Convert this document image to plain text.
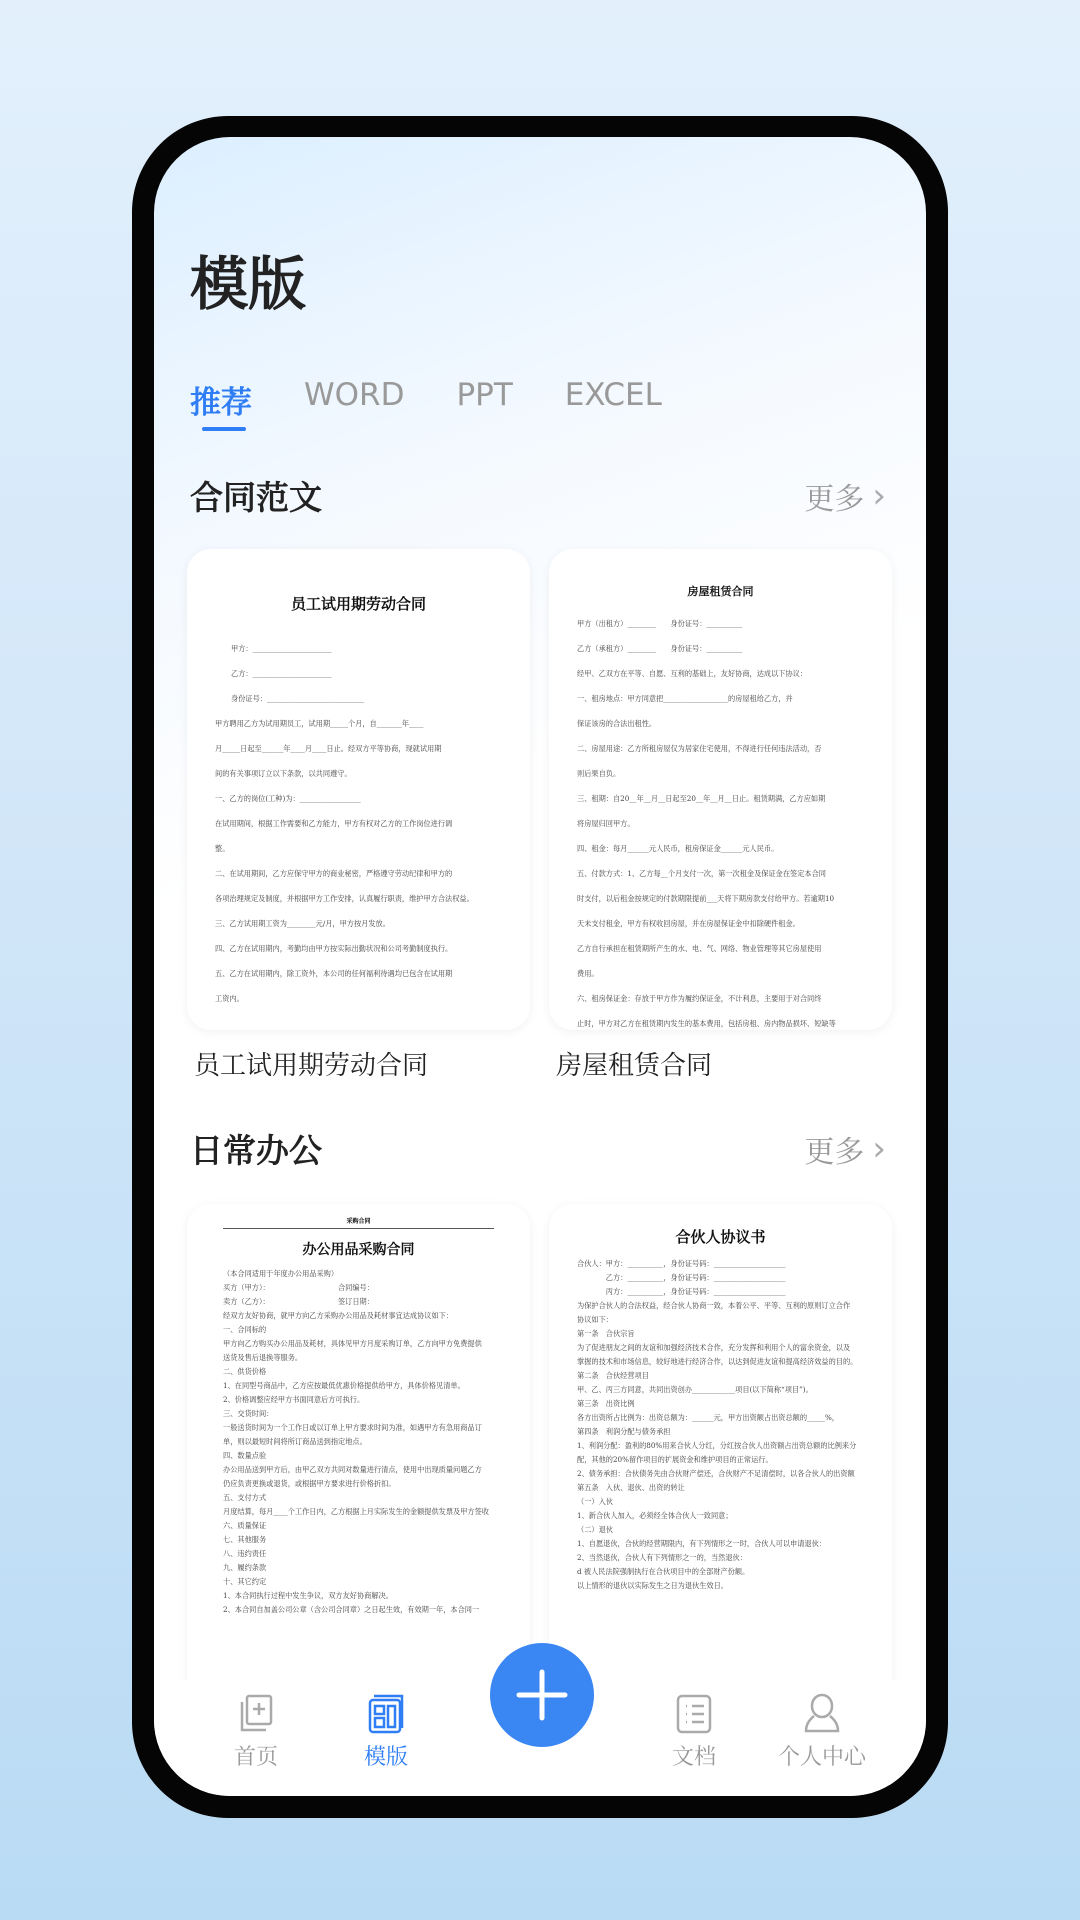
模版
推荐 WORD PPT EXCEL
合同范文	更多 ›
员工试用期劳动合同
甲方：______________________
乙方：______________________
身份证号：___________________________
甲方聘用乙方为试用期员工，试用期_____个月，自_______年____
月_____日起至______年____月____日止。经双方平等协商，现就试用期
间的有关事项订立以下条款，以共同遵守。
一、乙方的岗位(工种)为：_________________
在试用期间，根据工作需要和乙方能力，甲方有权对乙方的工作岗位进行调
整。
二、在试用期间，乙方应保守甲方的商业秘密，严格遵守劳动纪律和甲方的
各项治理规定及制度，并根据甲方工作安排，认真履行职责，维护甲方合法权益。
三、乙方试用期工资为________元/月，甲方按月发放。
四、乙方在试用期内，考勤均由甲方按实际出勤状况和公司考勤制度执行。
五、乙方在试用期内，除工资外，本公司的任何福利待遇均已包含在试用期
工资内。
房屋租赁合同
甲方（出租方）________　　身份证号：__________
乙方（承租方）________　　身份证号：__________
经甲、乙双方在平等、自愿、互利的基础上，友好协商，达成以下协议：
一、租房地点：甲方同意把__________________的房屋租给乙方，并
保证该房的合法出租性。
二、房屋用途：乙方所租房屋仅为居家住宅使用，不得进行任何违法活动，否
则后果自负。
三、租期：自20__年__月__日起至20__年__月__日止。租赁期满，乙方应如期
将房屋归回甲方。
四、租金：每月______元人民币，租房保证金______元人民币。
五、付款方式：1、乙方每__个月支付一次，第一次租金及保证金在签定本合同
时支付，以后租金按规定的付款期限提前___天将下期房款支付给甲方。若逾期10
天未支付租金，甲方有权收回房屋，并在房屋保证金中扣除硬件租金。
乙方自行承担在租赁期所产生的水、电、气、网络、物业管理等其它房屋使用
费用。
六、租房保证金：存放于甲方作为履约保证金，不计利息，主要用于对合同终
止时，甲方对乙方在租赁期内发生的基本费用，包括房租、房内物品损坏、短缺等
员工试用期劳动合同	房屋租赁合同
日常办公	更多 ›
采购合同
办公用品采购合同
（本合同适用于年度办公用品采购）
买方（甲方）：　　　　　　　　　　合同编号：
卖方（乙方）：　　　　　　　　　　签订日期：
经双方友好协商，就甲方向乙方采购办公用品及耗材事宜达成协议如下：
一、合同标的
甲方向乙方购买办公用品及耗材，具体见甲方月度采购订单，乙方向甲方免费提供
送货及售后退换等服务。
二、供货价格
1、在同型号商品中，乙方应按最低优惠价格提供给甲方，具体价格见清单。
2、价格调整应经甲方书面同意后方可执行。
三、交货时间：
一般送货时间为一个工作日或以订单上甲方要求时间为准，如遇甲方有急用商品订
单，则以最短时间将所订商品送到指定地点。
四、数量点验
办公用品送到甲方后，由甲乙双方共同对数量进行清点，使用中出现质量问题乙方
仍应负责更换或退货，或根据甲方要求进行价格折扣。
五、支付方式
月度结算，每月____个工作日内，乙方根据上月实际发生的金额提供发票及甲方签收
六、质量保证
七、其他服务
八、违约责任
九、履约条款
十、其它约定
1、本合同执行过程中发生争议，双方友好协商解决。
2、本合同自加盖公司公章（含公司合同章）之日起生效，有效期一年，本合同一
合伙人协议书
合伙人：甲方：__________，身份证号码：____________________
　　　　乙方：__________，身份证号码：____________________
　　　　丙方：__________，身份证号码：____________________
为保护合伙人的合法权益，经合伙人协商一致，本着公平、平等、互利的原则订立合作
协议如下：
第一条　合伙宗旨
为了促进朋友之间的友谊和加强经济技术合作，充分发挥和利用个人的富余资金，以及
掌握的技术和市场信息，较好地进行经济合作，以达到促进友谊和提高经济效益的目的。
第二条　合伙经营项目
甲、乙、丙三方同意，共同出资创办____________项目(以下简称“项目”)。
第三条　出资比例
各方出资所占比例为：出资总额为：______元，甲方出资额占出资总额的_____%，
第四条　利润分配与债务承担
1、利润分配：盈利的80%用来合伙人分红，分红按合伙人出资额占出资总额的比例来分
配，其他的20%留作项目的扩展资金和维护项目的正常运行。
2、债务承担：合伙债务先由合伙财产偿还，合伙财产不足清偿时，以各合伙人的出资额
第五条　入伙、退伙、出资的转让
（一）入伙
1、新合伙人加入，必须经全体合伙人一致同意；
（二）退伙
1、自愿退伙，合伙的经营期限内，有下列情形之一时，合伙人可以申请退伙：
2、当然退伙，合伙人有下列情形之一的，当然退伙：
d 被人民法院强制执行在合伙项目中的全部财产份额。
以上情形的退伙以实际发生之日为退伙生效日。
首页	模版	文档	个人中心
